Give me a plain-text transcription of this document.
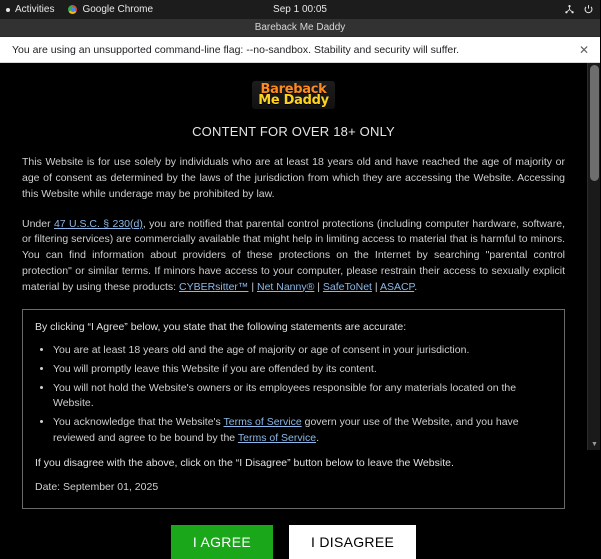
Activities	Google Chrome	Sep 1 00:05
Bareback Me Daddy
You are using an unsupported command-line flag: --no-sandbox. Stability and security will suffer.	✕
Bareback
Me Daddy
CONTENT FOR OVER 18+ ONLY

This Website is for use solely by individuals who are at least 18 years old and have reached the age of majority or age of consent as determined by the laws of the jurisdiction from which they are accessing the Website. Accessing this Website while underage may be prohibited by law.

Under 47 U.S.C. § 230(d), you are notified that parental control protections (including computer hardware, software, or filtering services) are commercially available that might help in limiting access to material that is harmful to minors. You can find information about providers of these protections on the Internet by searching "parental control protection" or similar terms. If minors have access to your computer, please restrain their access to sexually explicit material by using these products: CYBERsitter™ | Net Nanny® | SafeToNet | ASACP.

By clicking “I Agree” below, you state that the following statements are accurate:

• You are at least 18 years old and the age of majority or age of consent in your jurisdiction.
• You will promptly leave this Website if you are offended by its content.
• You will not hold the Website's owners or its employees responsible for any materials located on the Website.
• You acknowledge that the Website's Terms of Service govern your use of the Website, and you have reviewed and agree to be bound by the Terms of Service.

If you disagree with the above, click on the “I Disagree” button below to leave the Website.

Date: September 01, 2025

I AGREE	I DISAGREE
▼
